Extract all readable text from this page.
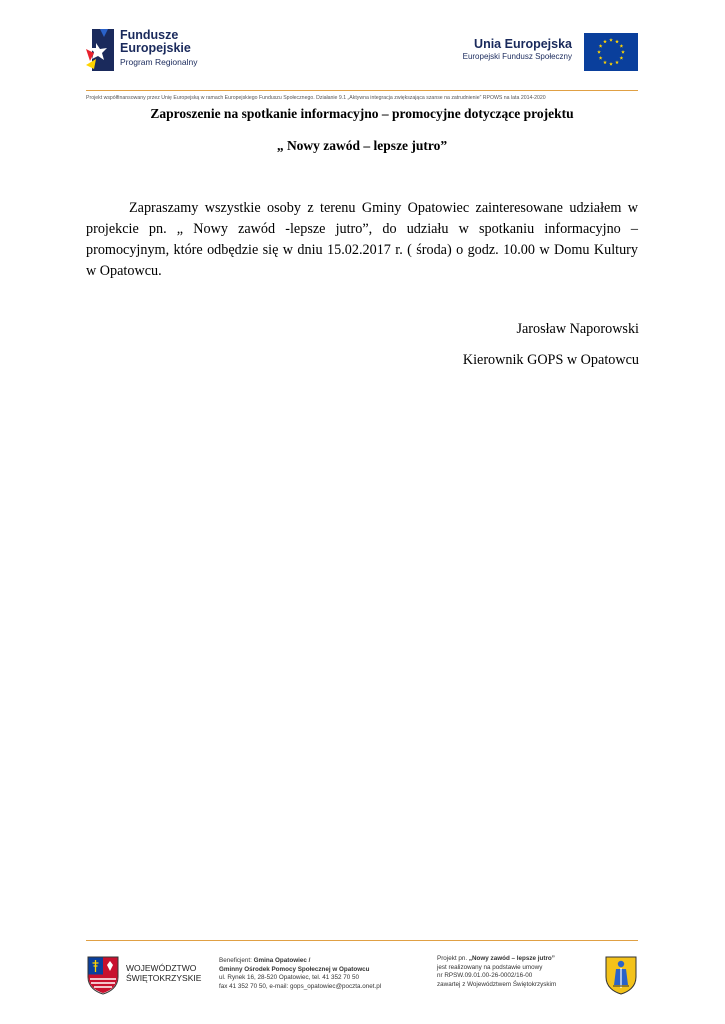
Fundusze
Europejskie
Program Regionalny
Unia Europejska
Europejski Fundusz Społeczny
Projekt współfinansowany przez Unię Europejską w ramach Europejskiego Funduszu Społecznego. Działanie 9.1 „Aktywna integracja zwiększająca szanse na zatrudnienie” RPOWŚ na lata 2014-2020
Zaproszenie na spotkanie informacyjno – promocyjne dotyczące projektu
„ Nowy zawód – lepsze jutro”

Zapraszamy wszystkie osoby z terenu Gminy Opatowiec zainteresowane udziałem w projekcie pn. „ Nowy zawód -lepsze jutro”, do udziału w spotkaniu informacyjno – promocyjnym, które odbędzie się w dniu 15.02.2017 r. ( środa) o godz. 10.00 w Domu Kultury w Opatowcu.

Jarosław Naporowski
Kierownik GOPS w Opatowcu
WOJEWÓDZTWO
ŚWIĘTOKRZYSKIE
Beneficjent: Gmina Opatowiec /
Gminny Ośrodek Pomocy Społecznej w Opatowcu
ul. Rynek 16, 28-520 Opatowiec, tel. 41 352 70 50
fax 41 352 70 50, e-mail: gops_opatowiec@poczta.onet.pl
Projekt pn. „Nowy zawód – lepsze jutro”
jest realizowany na podstawie umowy
nr RPSW.09.01.00-26-0002/16-00
zawartej z Województwem Świętokrzyskim
